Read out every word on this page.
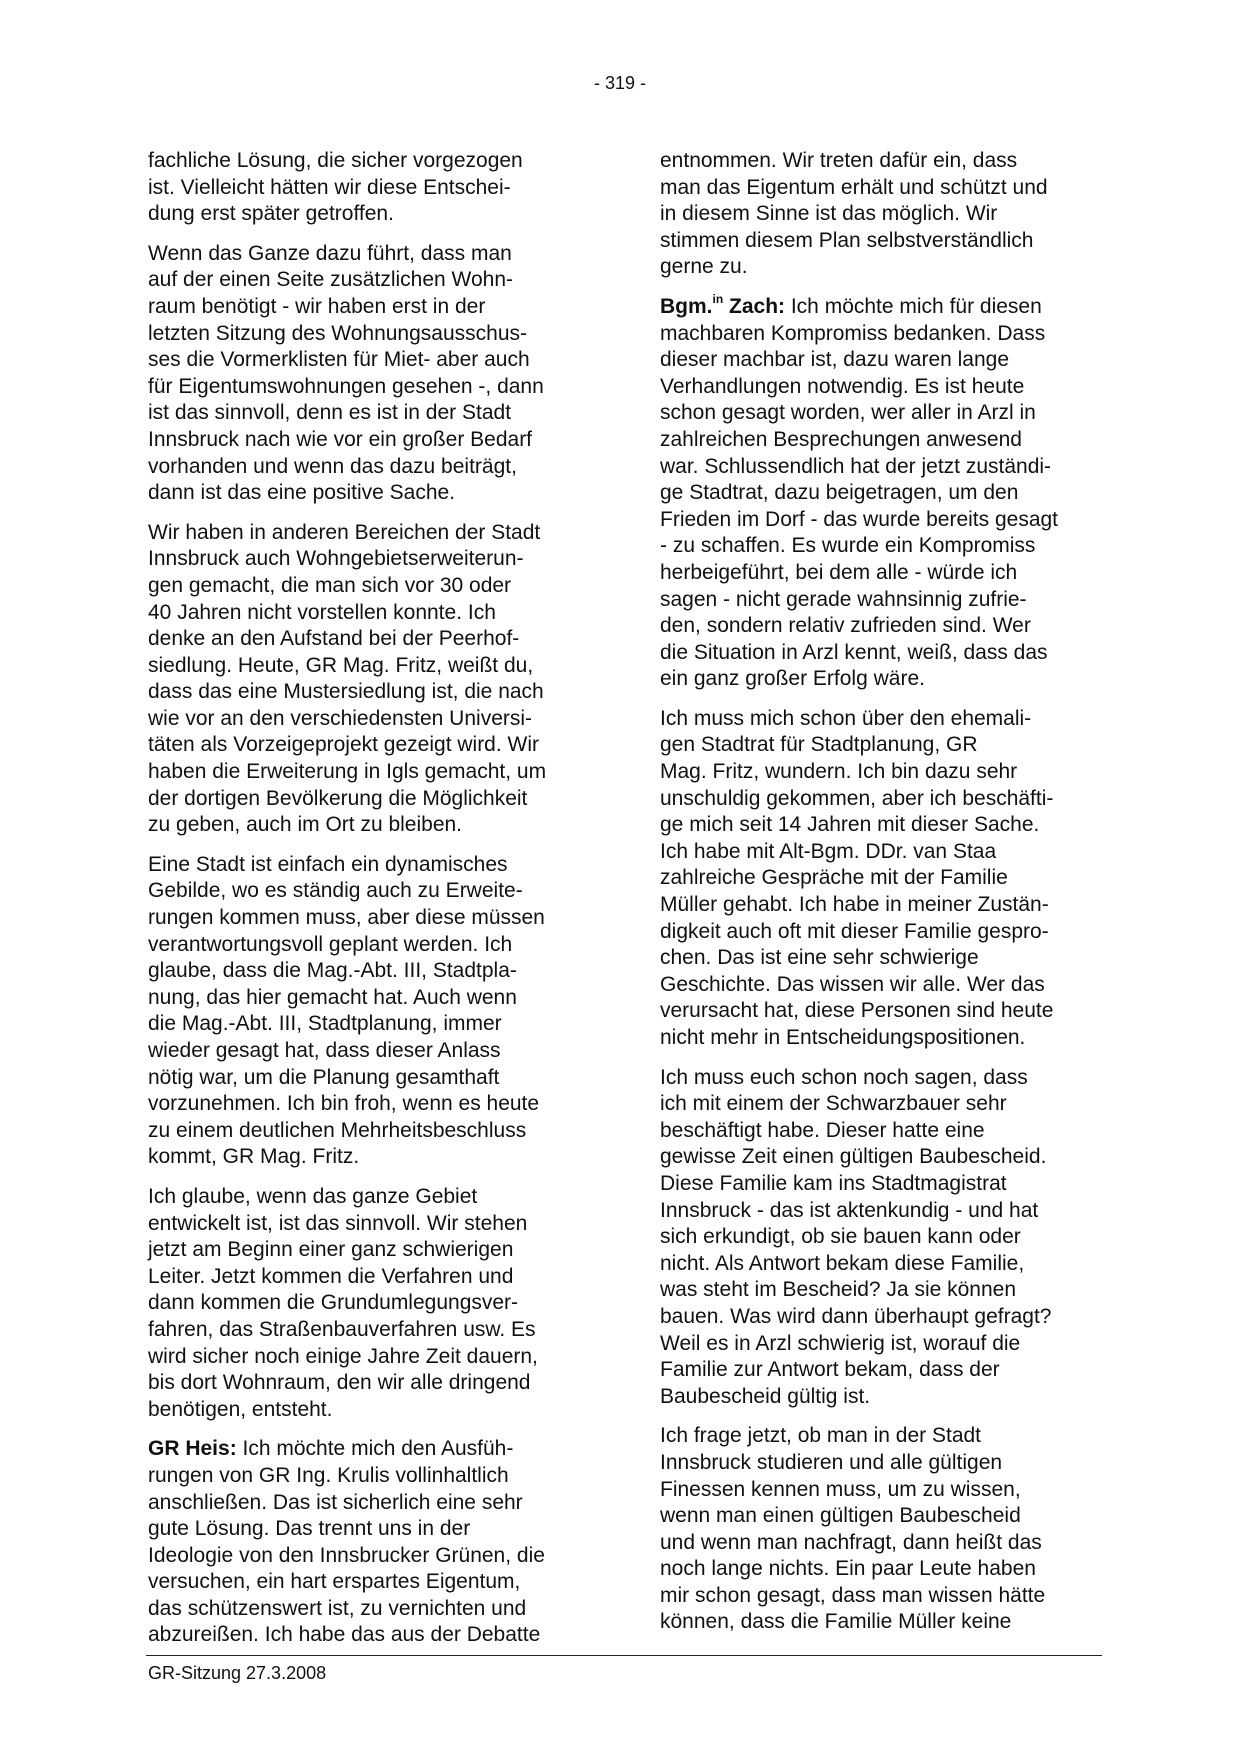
- 319 -
fachliche Lösung, die sicher vorgezogen
ist. Vielleicht hätten wir diese Entschei-
dung erst später getroffen.
Wenn das Ganze dazu führt, dass man
auf der einen Seite zusätzlichen Wohn-
raum benötigt - wir haben erst in der
letzten Sitzung des Wohnungsausschus-
ses die Vormerklisten für Miet- aber auch
für Eigentumswohnungen gesehen -, dann
ist das sinnvoll, denn es ist in der Stadt
Innsbruck nach wie vor ein großer Bedarf
vorhanden und wenn das dazu beiträgt,
dann ist das eine positive Sache.
Wir haben in anderen Bereichen der Stadt
Innsbruck auch Wohngebietserweiterun-
gen gemacht, die man sich vor 30 oder
40 Jahren nicht vorstellen konnte. Ich
denke an den Aufstand bei der Peerhof-
siedlung. Heute, GR Mag. Fritz, weißt du,
dass das eine Mustersiedlung ist, die nach
wie vor an den verschiedensten Universi-
täten als Vorzeigeprojekt gezeigt wird. Wir
haben die Erweiterung in Igls gemacht, um
der dortigen Bevölkerung die Möglichkeit
zu geben, auch im Ort zu bleiben.
Eine Stadt ist einfach ein dynamisches
Gebilde, wo es ständig auch zu Erweite-
rungen kommen muss, aber diese müssen
verantwortungsvoll geplant werden. Ich
glaube, dass die Mag.-Abt. III, Stadtpla-
nung, das hier gemacht hat. Auch wenn
die Mag.-Abt. III, Stadtplanung, immer
wieder gesagt hat, dass dieser Anlass
nötig war, um die Planung gesamthaft
vorzunehmen. Ich bin froh, wenn es heute
zu einem deutlichen Mehrheitsbeschluss
kommt, GR Mag. Fritz.
Ich glaube, wenn das ganze Gebiet
entwickelt ist, ist das sinnvoll. Wir stehen
jetzt am Beginn einer ganz schwierigen
Leiter. Jetzt kommen die Verfahren und
dann kommen die Grundumlegungsver-
fahren, das Straßenbauverfahren usw. Es
wird sicher noch einige Jahre Zeit dauern,
bis dort Wohnraum, den wir alle dringend
benötigen, entsteht.
GR Heis: Ich möchte mich den Ausfüh-
rungen von GR Ing. Krulis vollinhaltlich
anschließen. Das ist sicherlich eine sehr
gute Lösung. Das trennt uns in der
Ideologie von den Innsbrucker Grünen, die
versuchen, ein hart erspartes Eigentum,
das schützenswert ist, zu vernichten und
abzureißen. Ich habe das aus der Debatte
entnommen. Wir treten dafür ein, dass
man das Eigentum erhält und schützt und
in diesem Sinne ist das möglich. Wir
stimmen diesem Plan selbstverständlich
gerne zu.
Bgm.$^{in}$ Zach: Ich möchte mich für diesen
machbaren Kompromiss bedanken. Dass
dieser machbar ist, dazu waren lange
Verhandlungen notwendig. Es ist heute
schon gesagt worden, wer aller in Arzl in
zahlreichen Besprechungen anwesend
war. Schlussendlich hat der jetzt zuständi-
ge Stadtrat, dazu beigetragen, um den
Frieden im Dorf - das wurde bereits gesagt
- zu schaffen. Es wurde ein Kompromiss
herbeigeführt, bei dem alle - würde ich
sagen - nicht gerade wahnsinnig zufrie-
den, sondern relativ zufrieden sind. Wer
die Situation in Arzl kennt, weiß, dass das
ein ganz großer Erfolg wäre.
Ich muss mich schon über den ehemali-
gen Stadtrat für Stadtplanung, GR
Mag. Fritz, wundern. Ich bin dazu sehr
unschuldig gekommen, aber ich beschäfti-
ge mich seit 14 Jahren mit dieser Sache.
Ich habe mit Alt-Bgm. DDr. van Staa
zahlreiche Gespräche mit der Familie
Müller gehabt. Ich habe in meiner Zustän-
digkeit auch oft mit dieser Familie gespro-
chen. Das ist eine sehr schwierige
Geschichte. Das wissen wir alle. Wer das
verursacht hat, diese Personen sind heute
nicht mehr in Entscheidungspositionen.
Ich muss euch schon noch sagen, dass
ich mit einem der Schwarzbauer sehr
beschäftigt habe. Dieser hatte eine
gewisse Zeit einen gültigen Baubescheid.
Diese Familie kam ins Stadtmagistrat
Innsbruck - das ist aktenkundig - und hat
sich erkundigt, ob sie bauen kann oder
nicht. Als Antwort bekam diese Familie,
was steht im Bescheid? Ja sie können
bauen. Was wird dann überhaupt gefragt?
Weil es in Arzl schwierig ist, worauf die
Familie zur Antwort bekam, dass der
Baubescheid gültig ist.
Ich frage jetzt, ob man in der Stadt
Innsbruck studieren und alle gültigen
Finessen kennen muss, um zu wissen,
wenn man einen gültigen Baubescheid
und wenn man nachfragt, dann heißt das
noch lange nichts. Ein paar Leute haben
mir schon gesagt, dass man wissen hätte
können, dass die Familie Müller keine
GR-Sitzung 27.3.2008
